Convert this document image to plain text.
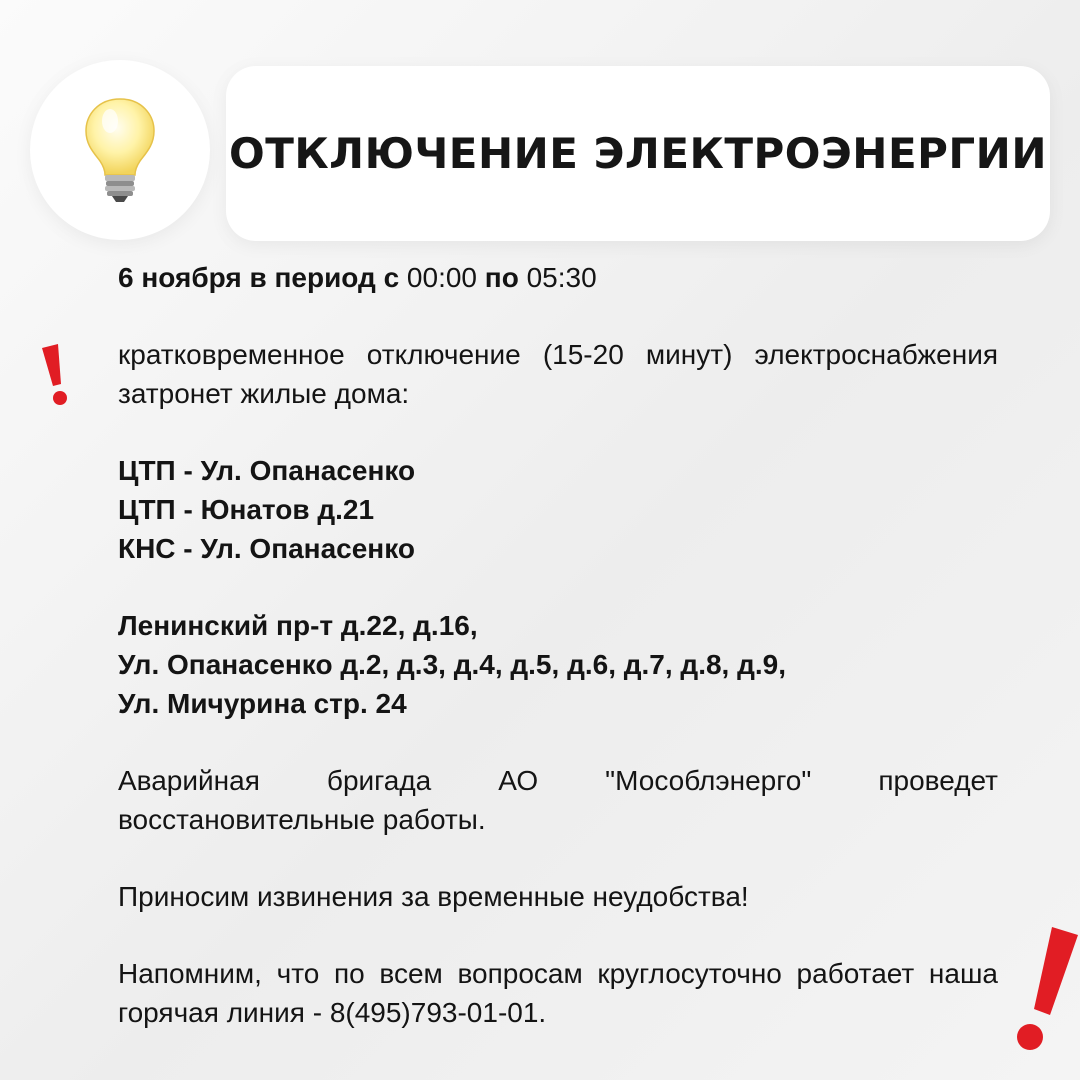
ОТКЛЮЧЕНИЕ ЭЛЕКТРОЭНЕРГИИ

6 ноября в период с 00:00 по 05:30

кратковременное отключение (15-20 минут) электроснабжения затронет жилые дома:

ЦТП - Ул. Опанасенко

ЦТП - Юнатов д.21

КНС - Ул. Опанасенко

Ленинский пр-т д.22, д.16,

Ул. Опанасенко д.2, д.3, д.4, д.5, д.6, д.7, д.8, д.9,

Ул. Мичурина стр. 24

Аварийная бригада АО "Мособлэнерго" проведет восстановительные работы.

Приносим извинения за временные неудобства!

Напомним, что по всем вопросам круглосуточно работает наша горячая линия - 8(495)793-01-01.
